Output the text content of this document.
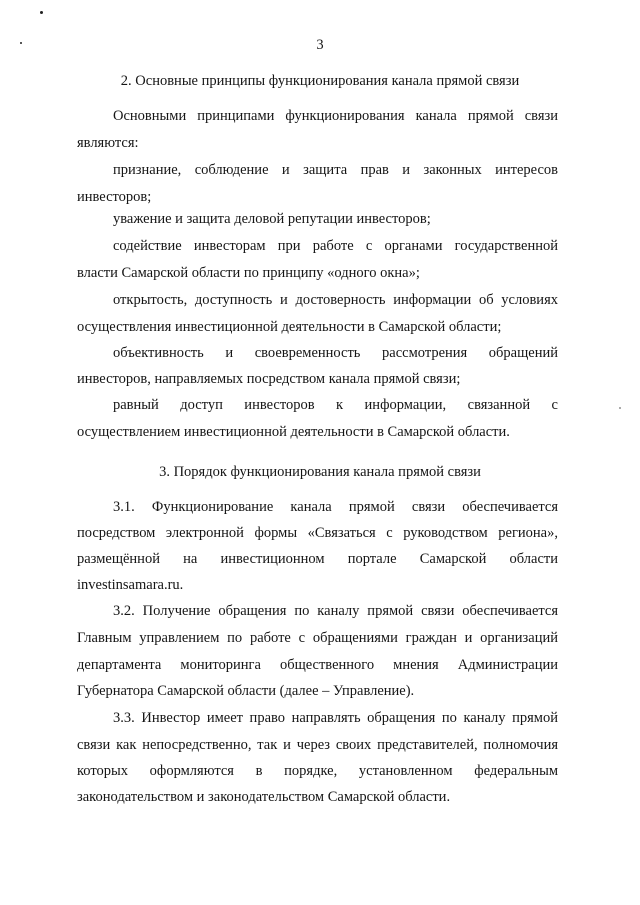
3
2. Основные принципы функционирования канала прямой связи
Основными принципами функционирования канала прямой связи
являются:
признание, соблюдение и защита прав и законных интересов
инвесторов;
уважение и защита деловой репутации инвесторов;
содействие инвесторам при работе с органами государственной
власти Самарской области по принципу «одного окна»;
открытость, доступность и достоверность информации об условиях
осуществления инвестиционной деятельности в Самарской области;
объективность и своевременность рассмотрения обращений
инвесторов, направляемых посредством канала прямой связи;
равный доступ инвесторов к информации, связанной с
осуществлением инвестиционной деятельности в Самарской области.
3. Порядок функционирования канала прямой связи
3.1. Функционирование канала прямой связи обеспечивается
посредством электронной формы «Связаться с руководством региона»,
размещённой на инвестиционном портале Самарской области
investinsamara.ru.
3.2. Получение обращения по каналу прямой связи обеспечивается
Главным управлением по работе с обращениями граждан и организаций
департамента мониторинга общественного мнения Администрации
Губернатора Самарской области (далее – Управление).
3.3. Инвестор имеет право направлять обращения по каналу прямой
связи как непосредственно, так и через своих представителей, полномочия
которых оформляются в порядке, установленном федеральным
законодательством и законодательством Самарской области.
